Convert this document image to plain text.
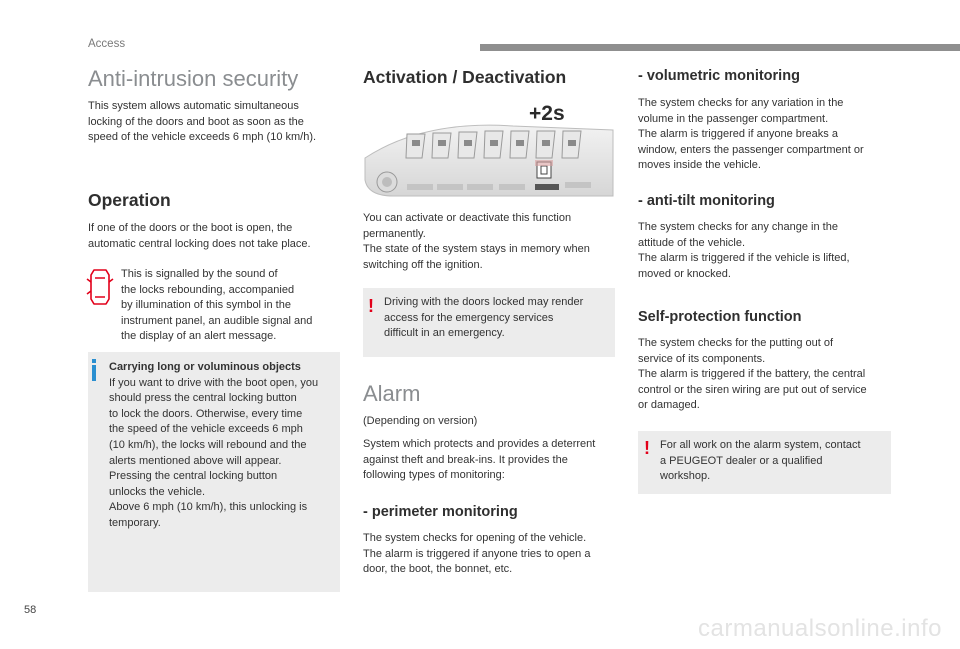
Access
Anti-intrusion security

This system allows automatic simultaneous

locking of the doors and boot as soon as the

speed of the vehicle exceeds 6 mph (10 km/h).

Operation

If one of the doors or the boot is open, the

automatic central locking does not take place.

This is signalled by the sound of

the locks rebounding, accompanied

by illumination of this symbol in the

instrument panel, an audible signal and

the display of an alert message.

Carrying long or voluminous objects

If you want to drive with the boot open, you

should press the central locking button

to lock the doors. Otherwise, every time

the speed of the vehicle exceeds 6 mph

(10 km/h), the locks will rebound and the

alerts mentioned above will appear.

Pressing the central locking button

unlocks the vehicle.

Above 6 mph (10 km/h), this unlocking is

temporary.

Activation / Deactivation
+2s

You can activate or deactivate this function

permanently.

The state of the system stays in memory when

switching off the ignition.

! Driving with the doors locked may render

access for the emergency services

difficult in an emergency.

Alarm
(Depending on version)

System which protects and provides a deterrent

against theft and break-ins. It provides the

following types of monitoring:

- perimeter monitoring

The system checks for opening of the vehicle.

The alarm is triggered if anyone tries to open a

door, the boot, the bonnet, etc.

- volumetric monitoring

The system checks for any variation in the

volume in the passenger compartment.

The alarm is triggered if anyone breaks a

window, enters the passenger compartment or

moves inside the vehicle.

- anti-tilt monitoring

The system checks for any change in the

attitude of the vehicle.

The alarm is triggered if the vehicle is lifted,

moved or knocked.

Self-protection function

The system checks for the putting out of

service of its components.

The alarm is triggered if the battery, the central

control or the siren wiring are put out of service

or damaged.

! For all work on the alarm system, contact

a PEUGEOT dealer or a qualified

workshop.

58
carmanualsonline.info
